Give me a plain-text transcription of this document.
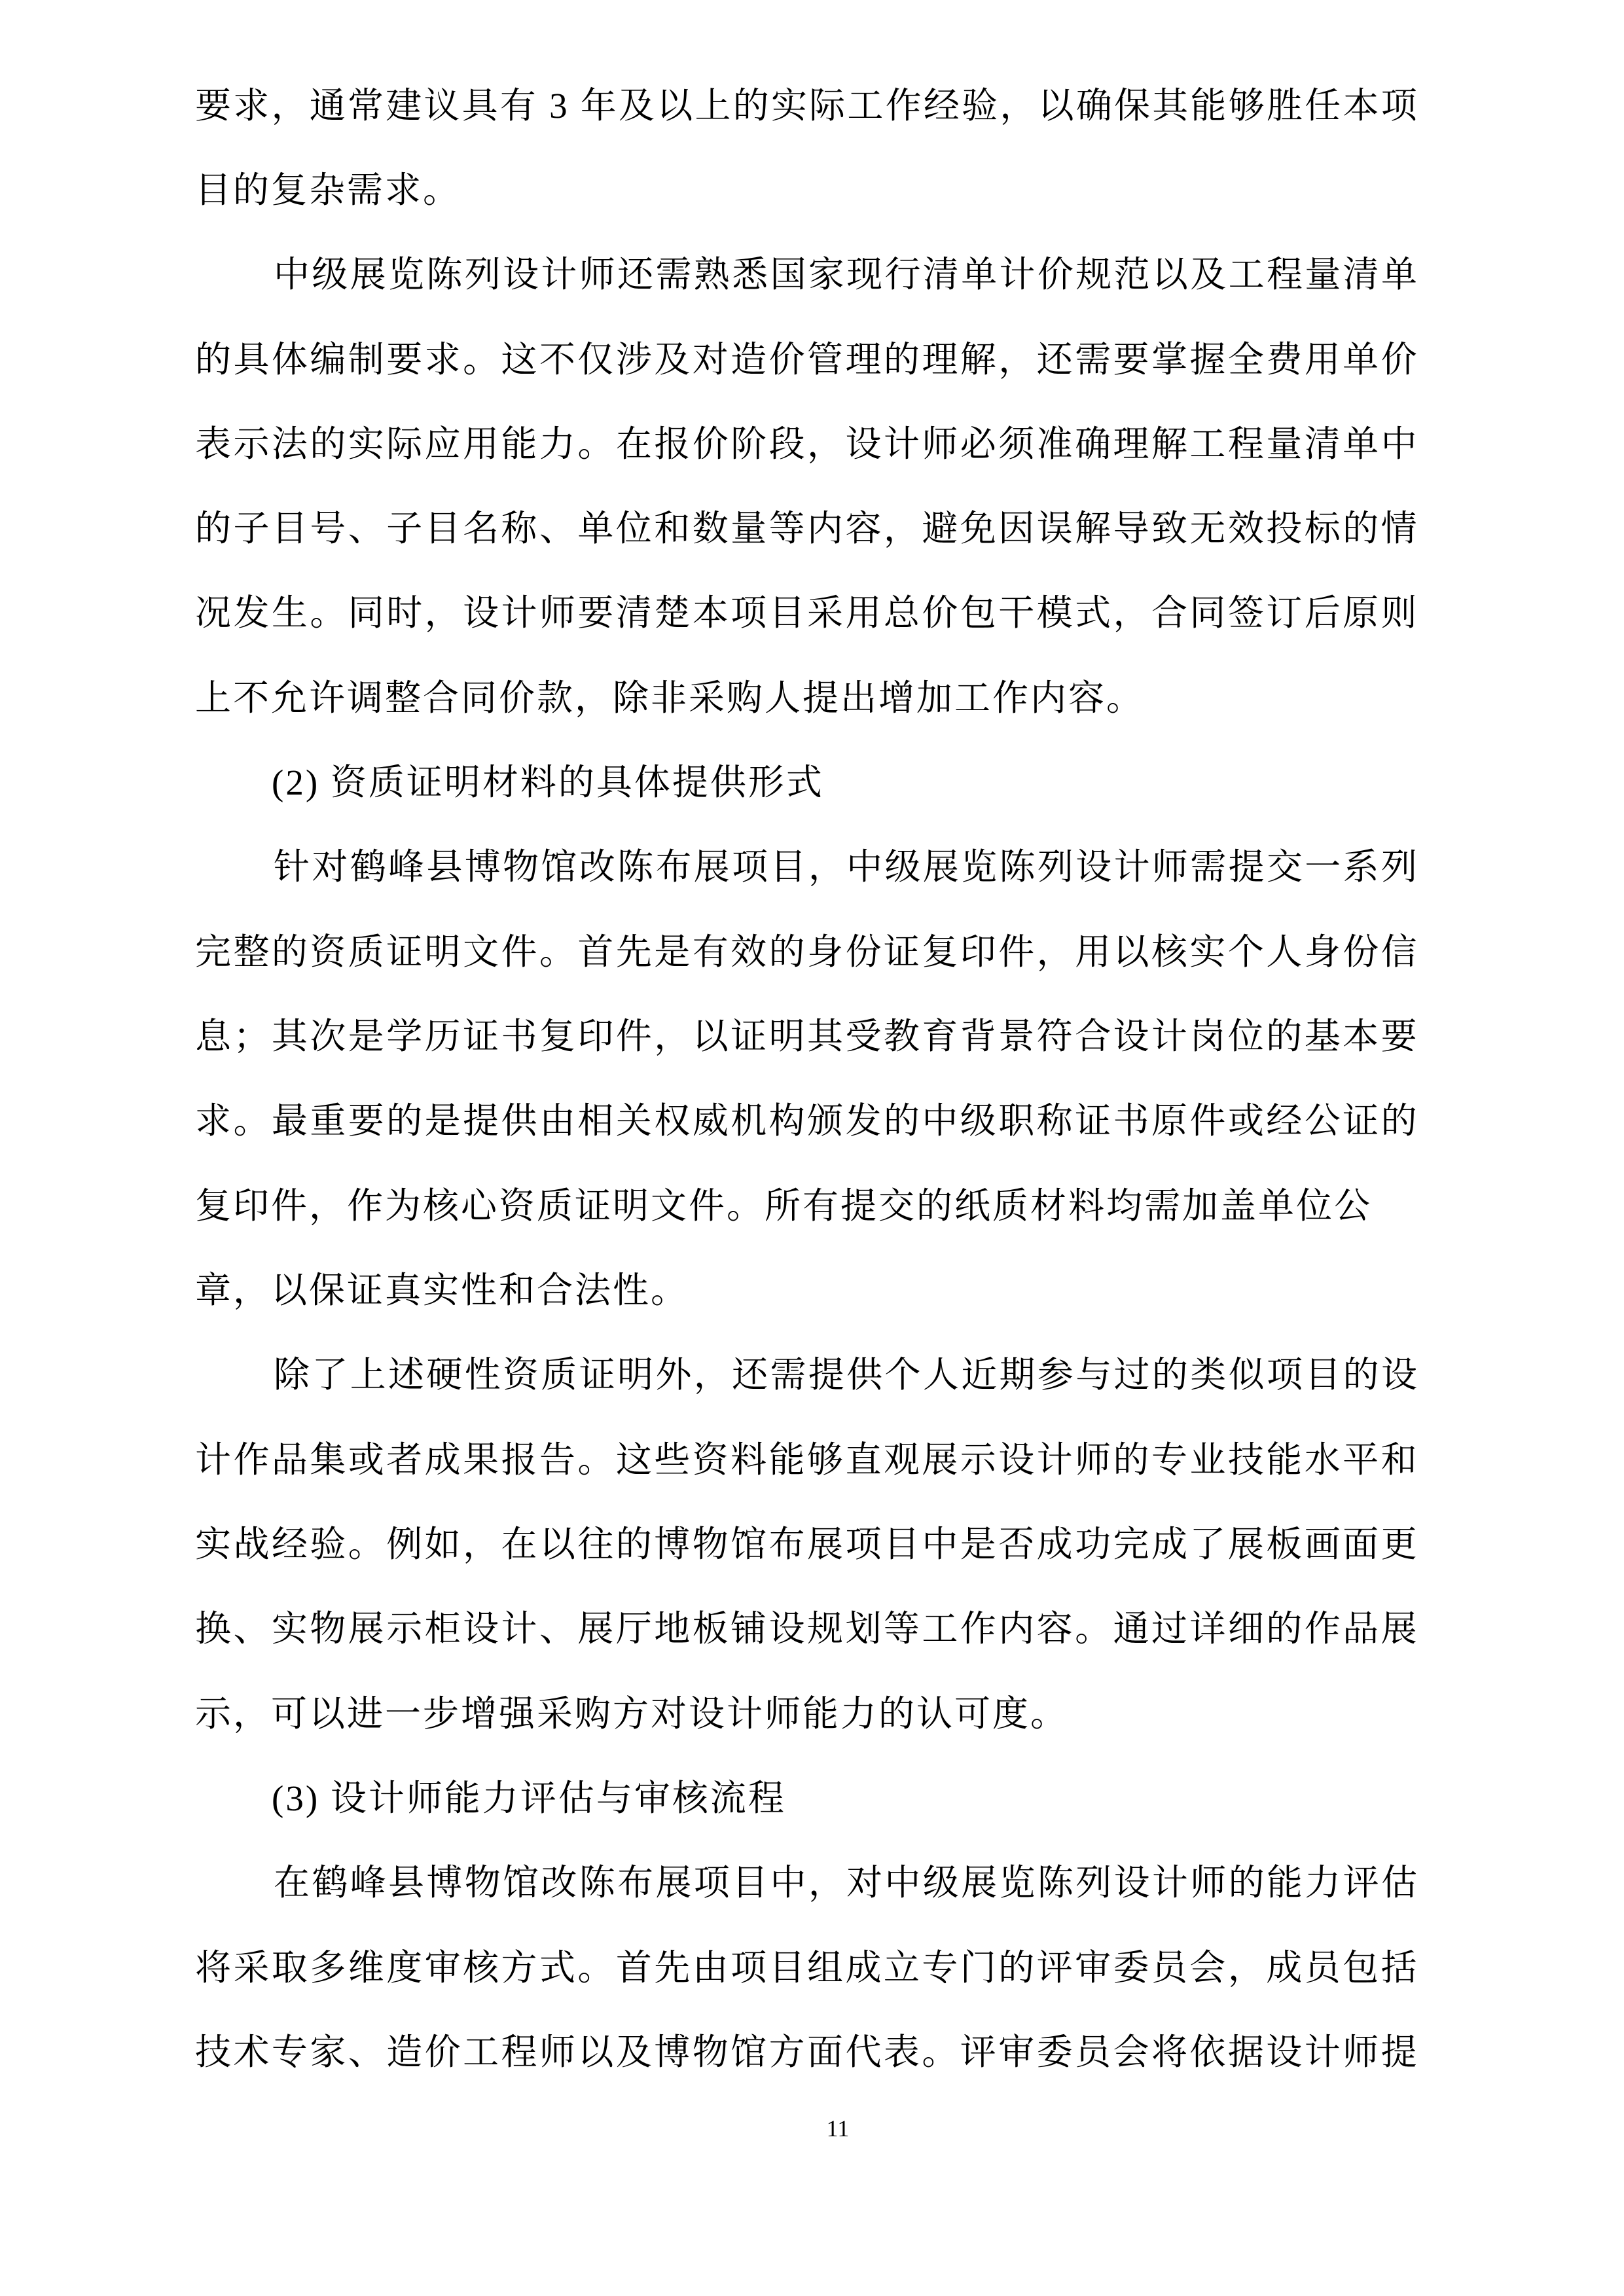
要 求 ， 通 常 建 议 具 有
3
年 及 以 上 的 实 际 工 作 经 验 ， 以 确 保 其 能 够 胜 任 本 项
目的复杂需求。
中 级 展 览 陈 列 设 计 师 还 需 熟 悉 国 家 现 行 清 单 计 价 规 范 以 及 工 程 量 清 单
的 具 体 编 制 要 求 。 这 不 仅 涉 及 对 造 价 管 理 的 理 解 ， 还 需 要 掌 握 全 费 用 单 价
表 示 法 的 实 际 应 用 能 力 。 在 报 价 阶 段 ， 设 计 师 必 须 准 确 理 解 工 程 量 清 单 中
的 子 目 号 、 子 目 名 称 、 单 位 和 数 量 等 内 容 ， 避 免 因 误 解 导 致 无 效 投 标 的 情
况 发 生 。 同 时 ， 设 计 师 要 清 楚 本 项 目 采 用 总 价 包 干 模 式 ， 合 同 签 订 后 原 则
上不允许调整合同价款，除非采购人提出增加工作内容。
(2) 资质证明材料的具体提供形式
针 对 鹤 峰 县 博 物 馆 改 陈 布 展 项 目 ， 中 级 展 览 陈 列 设 计 师 需 提 交 一 系 列
完 整 的 资 质 证 明 文 件 。 首 先 是 有 效 的 身 份 证 复 印 件 ， 用 以 核 实 个 人 身 份 信
息 ； 其 次 是 学 历 证 书 复 印 件 ， 以 证 明 其 受 教 育 背 景 符 合 设 计 岗 位 的 基 本 要
求 。 最 重 要 的 是 提 供 由 相 关 权 威 机 构 颁 发 的 中 级 职 称 证 书 原 件 或 经 公 证 的
复印件，作为核心资质证明文件。所有提交的纸质材料均需加盖单位公
章，以保证真实性和合法性。
除 了 上 述 硬 性 资 质 证 明 外 ， 还 需 提 供 个 人 近 期 参 与 过 的 类 似 项 目 的 设
计 作 品 集 或 者 成 果 报 告 。 这 些 资 料 能 够 直 观 展 示 设 计 师 的 专 业 技 能 水 平 和
实 战 经 验 。 例 如 ， 在 以 往 的 博 物 馆 布 展 项 目 中 是 否 成 功 完 成 了 展 板 画 面 更
换 、 实 物 展 示 柜 设 计 、 展 厅 地 板 铺 设 规 划 等 工 作 内 容 。 通 过 详 细 的 作 品 展
示，可以进一步增强采购方对设计师能力的认可度。
(3) 设计师能力评估与审核流程
在 鹤 峰 县 博 物 馆 改 陈 布 展 项 目 中 ， 对 中 级 展 览 陈 列 设 计 师 的 能 力 评 估
将 采 取 多 维 度 审 核 方 式 。 首 先 由 项 目 组 成 立 专 门 的 评 审 委 员 会 ， 成 员 包 括
技 术 专 家 、 造 价 工 程 师 以 及 博 物 馆 方 面 代 表 。 评 审 委 员 会 将 依 据 设 计 师 提
11
